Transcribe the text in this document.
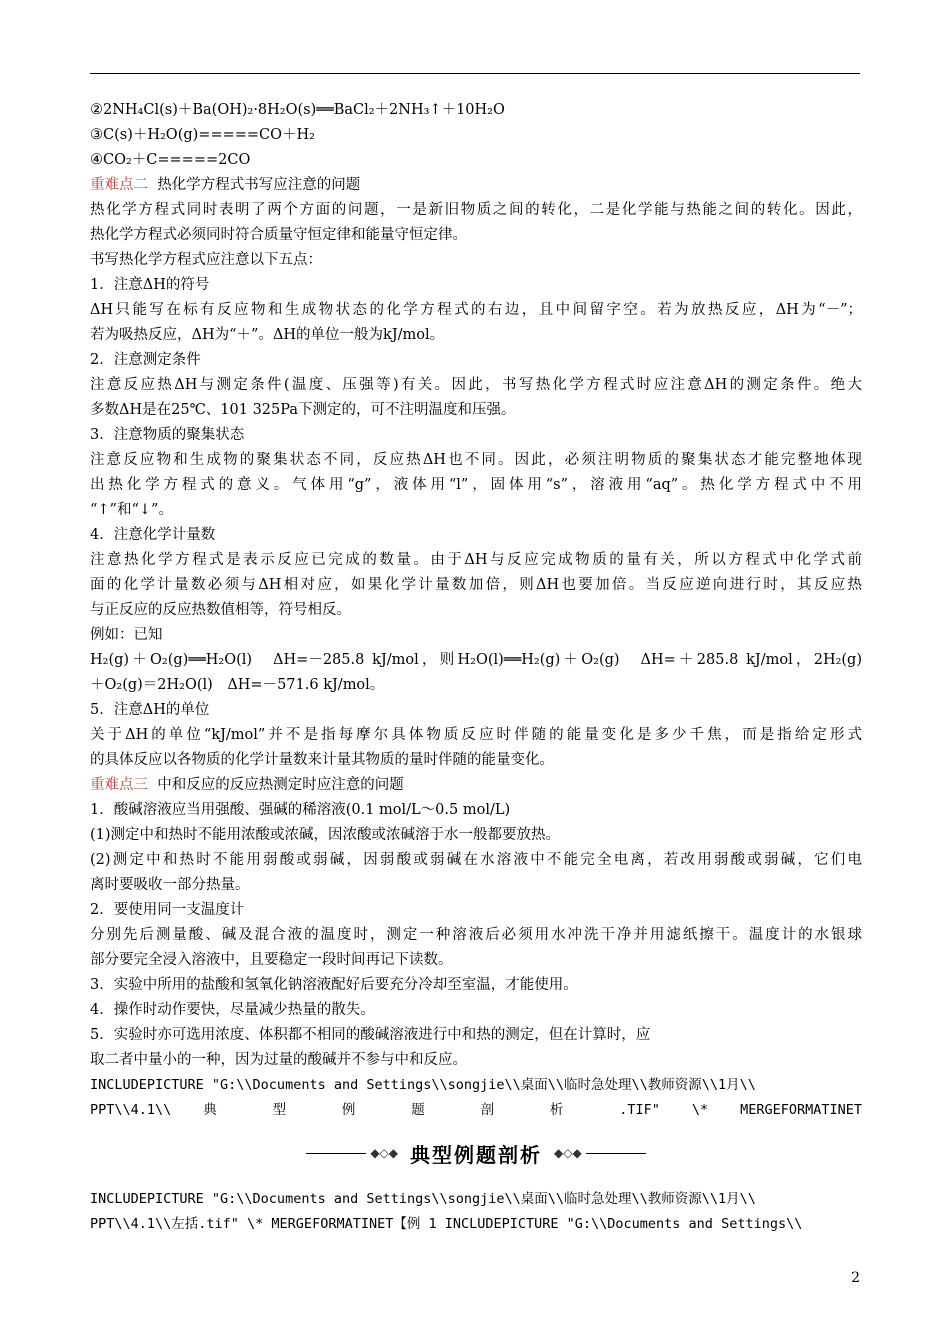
②2NH₄Cl(s)＋Ba(OH)₂·8H₂O(s)══BaCl₂＋2NH₃↑＋10H₂O
③C(s)＋H₂O(g)=====CO＋H₂
④CO₂＋C=====2CO
重难点二 热化学方程式书写应注意的问题
热化学方程式同时表明了两个方面的问题，一是新旧物质之间的转化，二是化学能与热能之间的转化。因此，
热化学方程式必须同时符合质量守恒定律和能量守恒定律。
书写热化学方程式应注意以下五点：
1．注意ΔH的符号
ΔH只能写在标有反应物和生成物状态的化学方程式的右边，且中间留字空。若为放热反应，ΔH为“－”；
若为吸热反应，ΔH为“＋”。ΔH的单位一般为kJ/mol。
2．注意测定条件
注意反应热ΔH与测定条件(温度、压强等)有关。因此，书写热化学方程式时应注意ΔH的测定条件。绝大
多数ΔH是在25℃、101 325Pa下测定的，可不注明温度和压强。
3．注意物质的聚集状态
注意反应物和生成物的聚集状态不同，反应热ΔH也不同。因此，必须注明物质的聚集状态才能完整地体现
出热化学方程式的意义。气体用“g”，液体用“l”，固体用“s”，溶液用“aq”。热化学方程式中不用
“↑”和“↓”。
4．注意化学计量数
注意热化学方程式是表示反应已完成的数量。由于ΔH与反应完成物质的量有关，所以方程式中化学式前
面的化学计量数必须与ΔH相对应，如果化学计量数加倍，则ΔH也要加倍。当反应逆向进行时，其反应热
与正反应的反应热数值相等，符号相反。
例如：已知
H₂(g)＋O₂(g)══H₂O(l)　ΔH=－285.8 kJ/mol，则H₂O(l)══H₂(g)＋O₂(g)　ΔH=＋285.8 kJ/mol，2H₂(g)
＋O₂(g)＝2H₂O(l)　ΔH=－571.6 kJ/mol。
5．注意ΔH的单位
关于ΔH的单位“kJ/mol”并不是指每摩尔具体物质反应时伴随的能量变化是多少千焦，而是指给定形式
的具体反应以各物质的化学计量数来计量其物质的量时伴随的能量变化。
重难点三 中和反应的反应热测定时应注意的问题
1．酸碱溶液应当用强酸、强碱的稀溶液(0.1 mol/L～0.5 mol/L)
(1)测定中和热时不能用浓酸或浓碱，因浓酸或浓碱溶于水一般都要放热。
(2)测定中和热时不能用弱酸或弱碱，因弱酸或弱碱在水溶液中不能完全电离，若改用弱酸或弱碱，它们电
离时要吸收一部分热量。
2．要使用同一支温度计
分别先后测量酸、碱及混合液的温度时，测定一种溶液后必须用水冲洗干净并用滤纸擦干。温度计的水银球
部分要完全浸入溶液中，且要稳定一段时间再记下读数。
3．实验中所用的盐酸和氢氧化钠溶液配好后要充分冷却至室温，才能使用。
4．操作时动作要快，尽量减少热量的散失。
5．实验时亦可选用浓度、体积都不相同的酸碱溶液进行中和热的测定，但在计算时，应
取二者中量小的一种，因为过量的酸碱并不参与中和反应。
INCLUDEPICTURE "G:\\Documents and Settings\\songjie\\桌面\\临时急处理\\教师资源\\1月\\
PPT\\4.1\\ 典 型 例 题 剖 析 .TIF" \* MERGEFORMATINET
◆◇◆ 典型例题剖析 ◆◇◆
INCLUDEPICTURE "G:\\Documents and Settings\\songjie\\桌面\\临时急处理\\教师资源\\1月\\
PPT\\4.1\\左括.tif" \* MERGEFORMATINET【例 1 INCLUDEPICTURE "G:\\Documents and Settings\\
2
